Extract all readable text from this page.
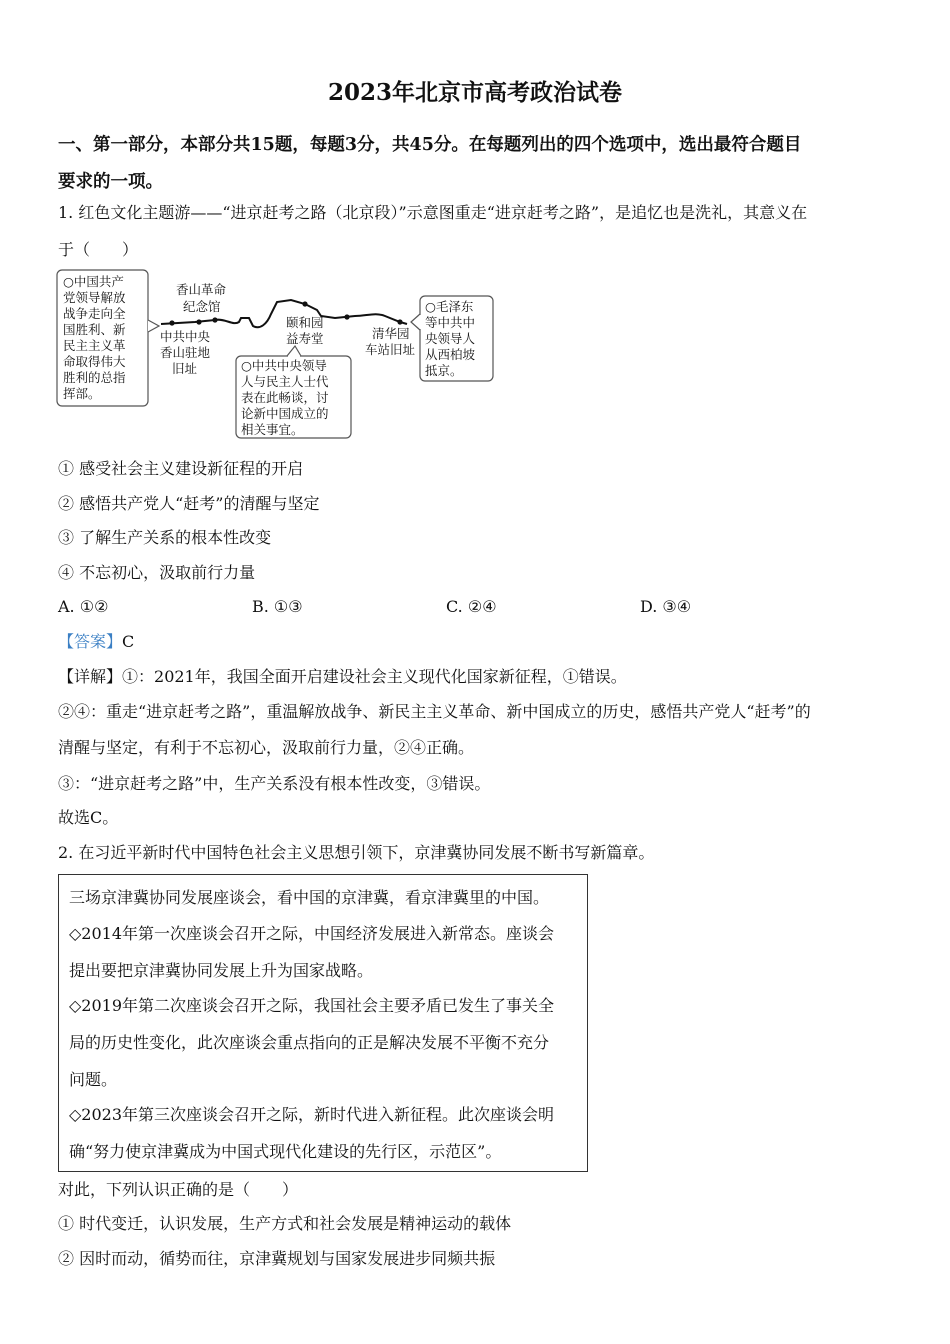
2023年北京市高考政治试卷
一、第一部分，本部分共15题，每题3分，共45分。在每题列出的四个选项中，选出最符合题目
要求的一项。
1. 红色文化主题游——“进京赶考之路（北京段）”示意图重走“进京赶考之路”，是追忆也是洗礼，其意义在
于（　　）
○中国共产
党领导解放
战争走向全
国胜利、新
民主主义革
命取得伟大
胜利的总指
挥部。
香山革命
纪念馆
中共中央
香山驻地
旧址
颐和园
益寿堂	清华园
车站旧址
○中共中央领导
人与民主人士代
表在此畅谈，讨
论新中国成立的
相关事宜。
○毛泽东
等中共中
央领导人
从西柏坡
抵京。
① 感受社会主义建设新征程的开启
② 感悟共产党人“赶考”的清醒与坚定
③ 了解生产关系的根本性改变
④ 不忘初心，汲取前行力量
A. ①②	B. ①③	C. ②④	D. ③④
【答案】C
【详解】①：2021年，我国全面开启建设社会主义现代化国家新征程，①错误。
②④：重走“进京赶考之路”，重温解放战争、新民主主义革命、新中国成立的历史，感悟共产党人“赶考”的
清醒与坚定，有利于不忘初心，汲取前行力量，②④正确。
③：“进京赶考之路”中，生产关系没有根本性改变，③错误。
故选C。
2. 在习近平新时代中国特色社会主义思想引领下，京津冀协同发展不断书写新篇章。
三场京津冀协同发展座谈会，看中国的京津冀，看京津冀里的中国。
◇2014年第一次座谈会召开之际，中国经济发展进入新常态。座谈会
提出要把京津冀协同发展上升为国家战略。
◇2019年第二次座谈会召开之际，我国社会主要矛盾已发生了事关全
局的历史性变化，此次座谈会重点指向的正是解决发展不平衡不充分
问题。
◇2023年第三次座谈会召开之际，新时代进入新征程。此次座谈会明
确“努力使京津冀成为中国式现代化建设的先行区，示范区”。
对此，下列认识正确的是（　　）
① 时代变迁，认识发展，生产方式和社会发展是精神运动的载体
② 因时而动，循势而往，京津冀规划与国家发展进步同频共振
